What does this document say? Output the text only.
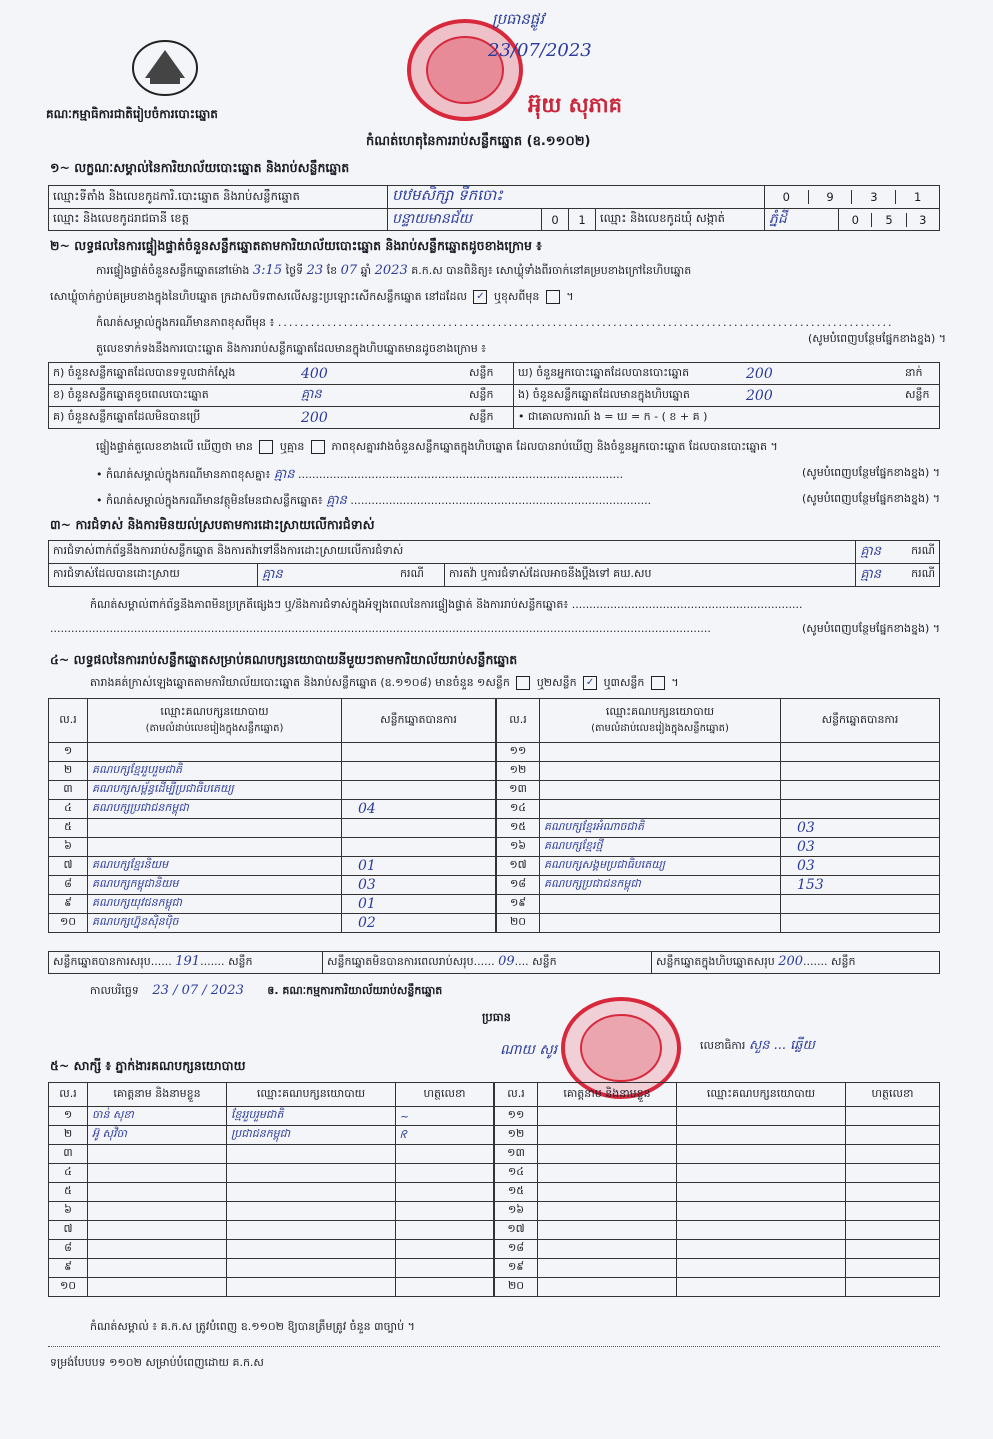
គណៈកម្មាធិការជាតិរៀបចំការបោះឆ្នោត
ប្រធានផ្លូវ
23/07/2023
អ៊ុយ សុភាគ
កំណត់ហេតុនៃការរាប់សន្លឹកឆ្នោត (ឧ.១១០២)
១~ លក្ខណៈសម្គាល់នៃការិយាល័យបោះឆ្នោត និងរាប់សន្លឹកឆ្នោត
ឈ្មោះទីតាំង និងលេខកូដការិ.បោះឆ្នោត និងរាប់សន្លឹកឆ្នោត	បឋមសិក្សា ទឹកចោះ		0	9	3	1

ឈ្មោះ និងលេខកូដរាជធានី ខេត្ត	បន្ទាយមានជ័យ	0	1	ឈ្មោះ និងលេខកូដឃុំ សង្កាត់	ភ្នំដី		0	5	3
២~ លទ្ធផលនៃការផ្ទៀងផ្ទាត់ចំនួនសន្លឹកឆ្នោតតាមការិយាល័យបោះឆ្នោត និងរាប់សន្លឹកឆ្នោតដូចខាងក្រោម ៖
ការផ្ទៀងផ្ទាត់ចំនួនសន្លឹកឆ្នោតនៅម៉ោង 3:15 ថ្ងៃទី 23 ខែ 07 ឆ្នាំ 2023 គ.ក.ស បានពិនិត្យ៖ សោឃ្លុំទាំងពីរចាក់នៅគម្របខាងក្រៅនៃហិបឆ្នោត
សោឃ្លុំចាក់ភ្ជាប់គម្របខាងក្នុងនៃហិបឆ្នោត ក្រដាសបិទពាសលើសន្លះប្រឡោះសើកសន្លឹកឆ្នោត នៅដដែល ✓ ឬខុសពីមុន  ។
កំណត់សម្គាល់ក្នុងករណីមានភាពខុសពីមុន ៖ ................................................................................................................
(សូមបំពេញបន្ថែមផ្នែកខាងខ្នង) ។
តួលេខទាក់ទងនឹងការបោះឆ្នោត និងការរាប់សន្លឹកឆ្នោតដែលមានក្នុងហិបឆ្នោតមានដូចខាងក្រោម ៖
ក) ចំនួនសន្លឹកឆ្នោតដែលបានទទួលជាក់ស្តែង	400	សន្លឹក	ឃ) ចំនួនអ្នកបោះឆ្នោតដែលបានបោះឆ្នោត	200	នាក់
ខ) ចំនួនសន្លឹកឆ្នោតខូចពេលបោះឆ្នោត	គ្មាន	សន្លឹក	ង) ចំនួនសន្លឹកឆ្នោតដែលមានក្នុងហិបឆ្នោត	200	សន្លឹក
គ) ចំនួនសន្លឹកឆ្នោតដែលមិនបានប្រើ	200	សន្លឹក	• ជាគោលការណ៍ ង = ឃ = ក - ( ខ + គ )		
ផ្ទៀងផ្ទាត់តួលេខខាងលើ ឃើញថា មាន ឬគ្មាន ភាពខុសគ្នារវាងចំនួនសន្លឹកឆ្នោតក្នុងហិបឆ្នោត ដែលបានរាប់ឃើញ និងចំនួនអ្នកបោះឆ្នោត ដែលបានបោះឆ្នោត ។
• កំណត់សម្គាល់ក្នុងករណីមានភាពខុសគ្នា៖ គ្មាន .............................................................................................	(សូមបំពេញបន្ថែមផ្នែកខាងខ្នង) ។
• កំណត់សម្គាល់ក្នុងករណីមានវត្ថុមិនមែនជាសន្លឹកឆ្នោត៖ គ្មាន ......................................................................................	(សូមបំពេញបន្ថែមផ្នែកខាងខ្នង) ។
៣~ ការជំទាស់ និងការមិនយល់ស្របតាមការដោះស្រាយលើការជំទាស់
ការជំទាស់ពាក់ព័ន្ធនឹងការរាប់សន្លឹកឆ្នោត និងការតវ៉ាទៅនឹងការដោះស្រាយលើការជំទាស់				គ្មាន	ករណី
ការជំទាស់ដែលបានដោះស្រាយ	គ្មាន	ករណី	ការតវ៉ា ឬការជំទាស់ដែលអាចនឹងប្តឹងទៅ គឃ.សប	គ្មាន	ករណី
កំណត់សម្គាល់ពាក់ព័ន្ធនឹងភាពមិនប្រក្រតីផ្សេងៗ ឬ/និងការជំទាស់ក្នុងអំឡុងពេលនៃការផ្ទៀងផ្ទាត់ និងការរាប់សន្លឹកឆ្នោត៖ ..................................................................
.............................................................................................................................................................................................	(សូមបំពេញបន្ថែមផ្នែកខាងខ្នង) ។
៤~ លទ្ធផលនៃការរាប់សន្លឹកឆ្នោតសម្រាប់គណបក្សនយោបាយនីមួយៗតាមការិយាល័យរាប់សន្លឹកឆ្នោត
តារាងគត់ក្រាស់ឡេងឆ្នោតតាមការិយាល័យបោះឆ្នោត និងរាប់សន្លឹកឆ្នោត (ឧ.១១០៨) មានចំនួន ១សន្លឹក ឬ២សន្លឹក ✓ ឬ៣សន្លឹក  ។
ល.រ	ឈ្មោះគណបក្សនយោបាយ
(តាមលំដាប់លេខរៀងក្នុងសន្លឹកឆ្នោត)	សន្លឹកឆ្នោតបានការ
១		
២	គណបក្សខ្មែររួបរួមជាតិ	
៣	គណបក្សសម្ព័ន្ធដើម្បីប្រជាធិបតេយ្យ	
៤	គណបក្សប្រជាជនកម្ពុជា	04
៥		
៦		
៧	គណបក្សខ្មែរនិយម	01
៨	គណបក្សកម្ពុជានិយម	03
៩	គណបក្សយុវជនកម្ពុជា	01
១០	គណបក្សហ្វ៊ុនស៊ិនប៉ិច	02
ល.រ	ឈ្មោះគណបក្សនយោបាយ
(តាមលំដាប់លេខរៀងក្នុងសន្លឹកឆ្នោត)	សន្លឹកឆ្នោតបានការ
១១		
១២		
១៣		
១៤		
១៥	គណបក្សខ្មែរអំណាចជាតិ	03
១៦	គណបក្សខ្មែរថ្មី	03
១៧	គណបក្សសង្គមប្រជាធិបតេយ្យ	03
១៨	គណបក្សប្រជាជនកម្ពុជា	153
១៩		
២០		
សន្លឹកឆ្នោតបានការសរុប...... 191....... សន្លឹក	សន្លឹកឆ្នោតមិនបានការពេលរាប់សរុប...... 09.... សន្លឹក	សន្លឹកឆ្នោតក្នុងហិបឆ្នោតសរុប 200....... សន្លឹក
កាលបរិច្ឆេទ 23 / 07 / 2023 ឲ. គណៈកម្មការការិយាល័យរាប់សន្លឹកឆ្នោត
ប្រធាន
ណាយ សូរ	លេខាធិការ សួន ... ឆ្លើយ
៥~ សាក្សី ៖ ភ្នាក់ងារគណបក្សនយោបាយ
ល.រ	គោត្តនាម និងនាមខ្លួន	ឈ្មោះគណបក្សនយោបាយ	ហត្ថលេខា
១	ចាន់ សុខា	ខ្មែររួបរួមជាតិ	~
២	អ៊ូ សុវិចា	ប្រជាជនកម្ពុជា	ᖇ
៣			
៤			
៥			
៦			
៧			
៨			
៩			
១០			
ល.រ	គោត្តនាម និងនាមខ្លួន	ឈ្មោះគណបក្សនយោបាយ	ហត្ថលេខា
១១			
១២			
១៣			
១៤			
១៥			
១៦			
១៧			
១៨			
១៩			
២០			
កំណត់សម្គាល់ ៖ គ.ក.ស ត្រូវបំពេញ ឧ.១១០២ ឱ្យបានត្រឹមត្រូវ ចំនួន ៣ច្បាប់ ។
ទម្រង់បែបបទ ១១០២ សម្រាប់បំពេញដោយ គ.ក.ស
